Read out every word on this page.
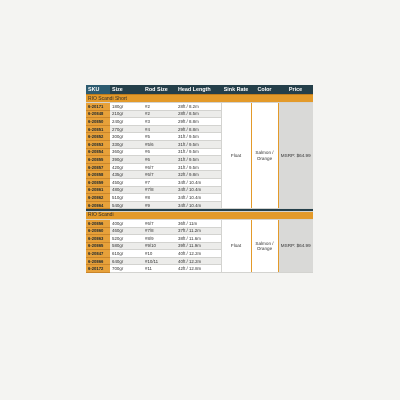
SKU	Size	Rod Size	Head Length	Sink Rate	Color	Price
RIO Scandi Short						
6-20171	180gr	#2	28ft / 8.2m	Float	Salmon / Orange	MSRP: $64.99
6-20848	210gr	#2	28ft / 8.5m			
6-20850	240gr	#3	29ft / 8.8m			
6-20851	270gr	#4	29ft / 8.8m			
6-20852	300gr	#5	31ft / 9.5m			
6-20853	330gr	#5/6	31ft / 9.5m			
6-20854	360gr	#6	31ft / 9.5m			
6-20855	390gr	#6	31ft / 9.5m			
6-20857	420gr	#6/7	31ft / 9.5m			
6-20858	435gr	#6/7	32ft / 9.8m			
6-20859	450gr	#7	34ft / 10.4m			
6-20861	480gr	#7/8	34ft / 10.4m			
6-20862	510gr	#8	34ft / 10.4m			
6-20864	540gr	#9	34ft / 10.4m			

RIO Scandi						
6-20856	400gr	#6/7	36ft / 11m	Float	Salmon / Orange	MSRP: $64.99
6-20860	460gr	#7/8	37ft / 11.2m			
6-20863	520gr	#8/9	38ft / 11.6m			
6-20865	580gr	#9/10	39ft / 11.9m			
6-20847	610gr	#10	40ft / 12.2m			
6-20866	640gr	#10/11	40ft / 12.2m			
6-20172	700gr	#11	42ft / 12.8m			
